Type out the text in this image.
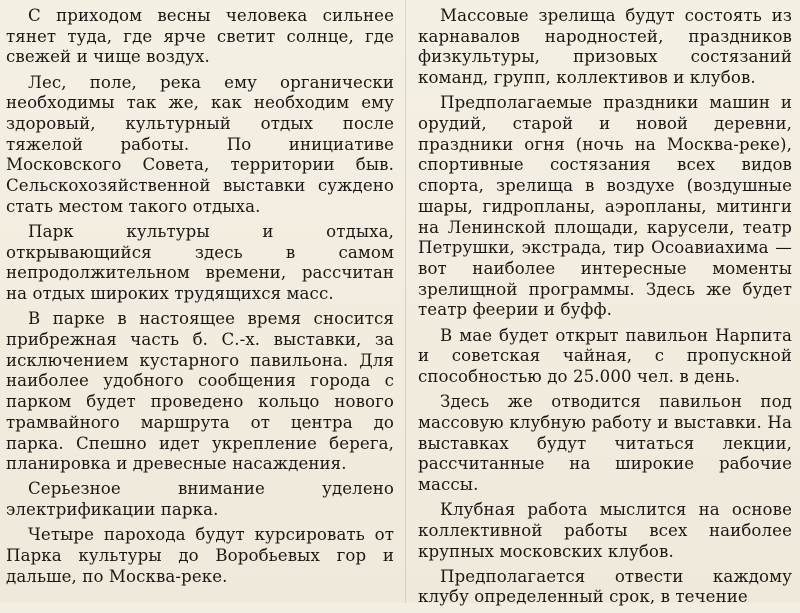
С приходом весны человека сильнее тянет туда, где ярче светит солнце, где свежей и чище воздух.

Лес, поле, река ему органически необходимы так же, как необходим ему здоровый, культурный отдых после тяжелой работы. По инициативе Московского Совета, территории быв. Сельскохозяйственной выставки суждено стать местом такого отдыха.

Парк культуры и отдыха, открывающийся здесь в самом непродолжительном времени, рассчитан на отдых широких трудящихся масс.

В парке в настоящее время сносится прибрежная часть б. С.-х. выставки, за исключением кустарного павильона. Для наиболее удобного сообщения города с парком будет проведено кольцо нового трамвайного маршрута от центра до парка. Спешно идет укрепление берега, планировка и древесные насаждения.

Серьезное внимание уделено электрификации парка.

Четыре парохода будут курсировать от Парка культуры до Воробьевых гор и дальше, по Москва-реке.

Массовые зрелища будут состоять из карнавалов народностей, праздников физкультуры, призовых состязаний команд, групп, коллективов и клубов.

Предполагаемые праздники машин и орудий, старой и новой деревни, праздники огня (ночь на Москва-реке), спортивные состязания всех видов спорта, зрелища в воздухе (воздушные шары, гидропланы, аэропланы, митинги на Ленинской площади, карусели, театр Петрушки, экстрада, тир Осоавиахима — вот наиболее интересные моменты зрелищной программы. Здесь же будет театр феерии и буфф.

В мае будет открыт павильон Нарпита и советская чайная, с пропускной способностью до 25.000 чел. в день.

Здесь же отводится павильон под массовую клубную работу и выставки. На выставках будут читаться лекции, рассчитанные на широкие рабочие массы.

Клубная работа мыслится на основе коллективной работы всех наиболее крупных московских клубов.

Предполагается отвести каждому клубу определенный срок, в течение
